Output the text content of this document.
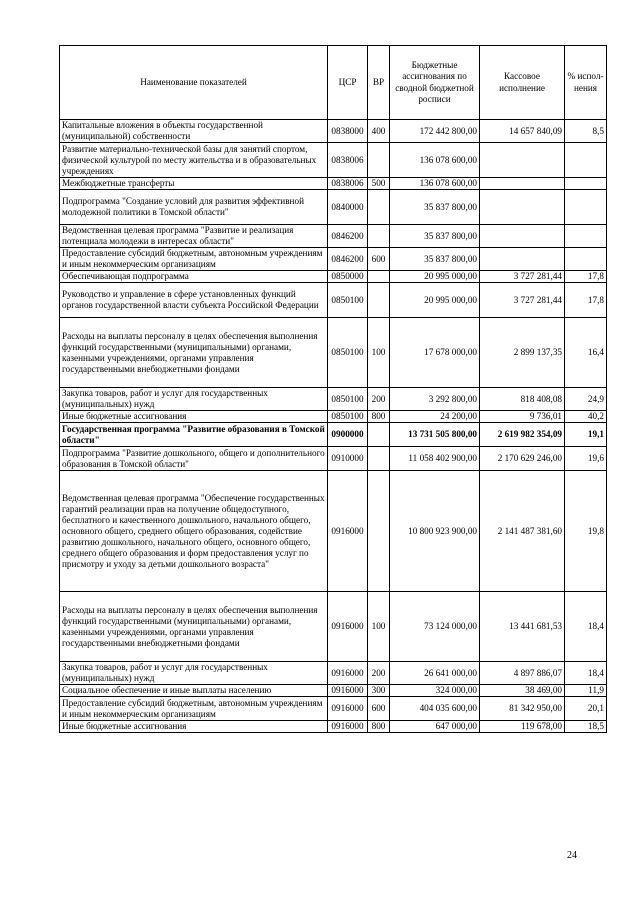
Наименование показателей	ЦСР	ВР	Бюджетные ассигнования по сводной бюджетной росписи	Кассовое исполнение	% испол- нения
Капитальные вложения в объекты государственной (муниципальной) собственности	0838000	400	172 442 800,00	14 657 840,09	8,5
Развитие материально-технической базы для занятий спортом, физической культурой по месту жительства и в образовательных учреждениях	0838006		136 078 600,00		
Межбюджетные трансферты	0838006	500	136 078 600,00		
Подпрограмма "Создание условий для развития эффективной молодежной политики в Томской области"	0840000		35 837 800,00		
Ведомственная целевая программа "Развитие и реализация потенциала молодежи в интересах области"	0846200		35 837 800,00		
Предоставление субсидий бюджетным, автономным учреждениям и иным некоммерческим организациям	0846200	600	35 837 800,00		
Обеспечивающая подпрограмма	0850000		20 995 000,00	3 727 281,44	17,8
Руководство и управление в сфере установленных функций органов государственной власти субъекта Российской Федерации	0850100		20 995 000,00	3 727 281,44	17,8
Расходы на выплаты персоналу в целях обеспечения выполнения функций государственными (муниципальными) органами, казенными учреждениями, органами управления государственными внебюджетными фондами	0850100	100	17 678 000,00	2 899 137,35	16,4
Закупка товаров, работ и услуг для государственных (муниципальных) нужд	0850100	200	3 292 800,00	818 408,08	24,9
Иные бюджетные ассигнования	0850100	800	24 200,00	9 736,01	40,2
Государственная программа "Развитие образования в Томской области"	0900000		13 731 505 800,00	2 619 982 354,09	19,1
Подпрограмма "Развитие дошкольного, общего и дополнительного образования в Томской области"	0910000		11 058 402 900,00	2 170 629 246,00	19,6
Ведомственная целевая программа "Обеспечение государственных гарантий реализации прав на получение общедоступного, бесплатного и качественного дошкольного, начального общего, основного общего, среднего общего образования, содействие развитию дошкольного, начального общего, основного общего, среднего общего образования и форм предоставления услуг по присмотру и уходу за детьми дошкольного возраста"	0916000		10 800 923 900,00	2 141 487 381,60	19,8
Расходы на выплаты персоналу в целях обеспечения выполнения функций государственными (муниципальными) органами, казенными учреждениями, органами управления государственными внебюджетными фондами	0916000	100	73 124 000,00	13 441 681,53	18,4
Закупка товаров, работ и услуг для государственных (муниципальных) нужд	0916000	200	26 641 000,00	4 897 886,07	18,4
Социальное обеспечение и иные выплаты населению	0916000	300	324 000,00	38 469,00	11,9
Предоставление субсидий бюджетным, автономным учреждениям и иным некоммерческим организациям	0916000	600	404 035 600,00	81 342 950,00	20,1
Иные бюджетные ассигнования	0916000	800	647 000,00	119 678,00	18,5
24
